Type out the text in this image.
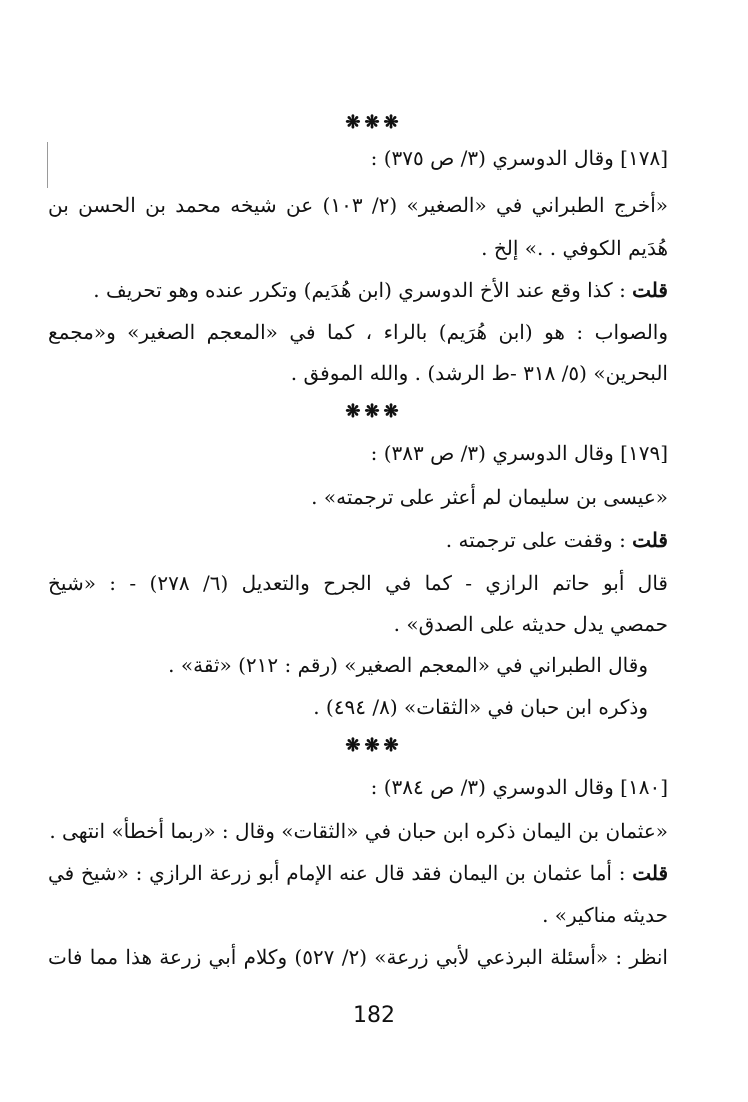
❋❋❋
[١٧٨] وقال الدوسري (٣/ ص ٣٧٥) :
«أخرج الطبراني في «الصغير» (٢/ ١٠٣) عن شيخه محمد بن الحسن بن
هُدَيم الكوفي . .» إلخ .
قلت : كذا وقع عند الأخ الدوسري (ابن هُدَيم) وتكرر عنده وهو تحريف .
والصواب : هو (ابن هُرَيم) بالراء ، كما في «المعجم الصغير» و«مجمع
البحرين» (٥/ ٣١٨ -ط الرشد) . والله الموفق .
❋❋❋
[١٧٩] وقال الدوسري (٣/ ص ٣٨٣) :
«عيسى بن سليمان لم أعثر على ترجمته» .
قلت : وقفت على ترجمته .
قال أبو حاتم الرازي - كما في الجرح والتعديل (٦/ ٢٧٨) - : «شيخ
حمصي يدل حديثه على الصدق» .
وقال الطبراني في «المعجم الصغير» (رقم : ٢١٢) «ثقة» .
وذكره ابن حبان في «الثقات» (٨/ ٤٩٤) .
❋❋❋
[١٨٠] وقال الدوسري (٣/ ص ٣٨٤) :
«عثمان بن اليمان ذكره ابن حبان في «الثقات» وقال : «ربما أخطأ» انتهى .
قلت : أما عثمان بن اليمان فقد قال عنه الإمام أبو زرعة الرازي : «شيخ في
حديثه مناكير» .
انظر : «أسئلة البرذعي لأبي زرعة» (٢/ ٥٢٧) وكلام أبي زرعة هذا مما فات
182
